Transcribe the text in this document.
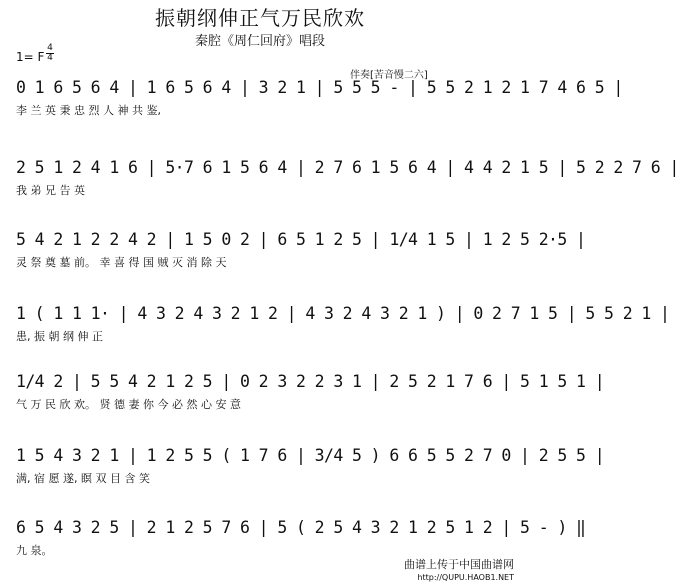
振朝纲伸正气万民欣欢
秦腔《周仁回府》唱段
1= F
4
4
伴奏[苦音慢二六]
0 1 6 5 6 4 | 1 6 5 6 4 | 3 2 1 | 5 5 5 - | 5 5 2 1 2 1 7 4 6 5 |
李 兰 英 秉 忠 烈 人 神 共 鉴,
2 5 1 2 4 1 6 | 5·7 6 1 5 6 4 | 2 7 6 1 5 6 4 | 4 4 2 1 5 | 5 2 2 7 6 |
我 弟 兄 告 英
5 4 2 1 2 2 4 2 | 1 5 0 2 | 6 5 1 2 5 | 1/4 1 5 | 1 2 5 2·5 |
灵 祭 奠 墓 前。 幸 喜 得 国 贼 灭 消 除 天
1 ( 1 1 1· | 4 3 2 4 3 2 1 2 | 4 3 2 4 3 2 1 ) | 0 2 7 1 5 | 5 5 2 1 |
患, 振 朝 纲 伸 正
1/4 2 | 5 5 4 2 1 2 5 | 0 2 3 2 2 3 1 | 2 5 2 1 7 6 | 5 1 5 1 |
气 万 民 欣 欢。 贤 德 妻 你 今 必 然 心 安 意
1 5 4 3 2 1 | 1 2 5 5 ( 1 7 6 | 3/4 5 ) 6 6 5 5 2 7 0 | 2 5 5 |
满, 宿 愿 遂, 瞑 双 目 含 笑
6 5 4 3 2 5 | 2 1 2 5 7 6 | 5 ( 2 5 4 3 2 1 2 5 1 2 | 5 - ) ‖
九 泉。
曲谱上传于中国曲谱网
http://QUPU.HAOB1.NET
